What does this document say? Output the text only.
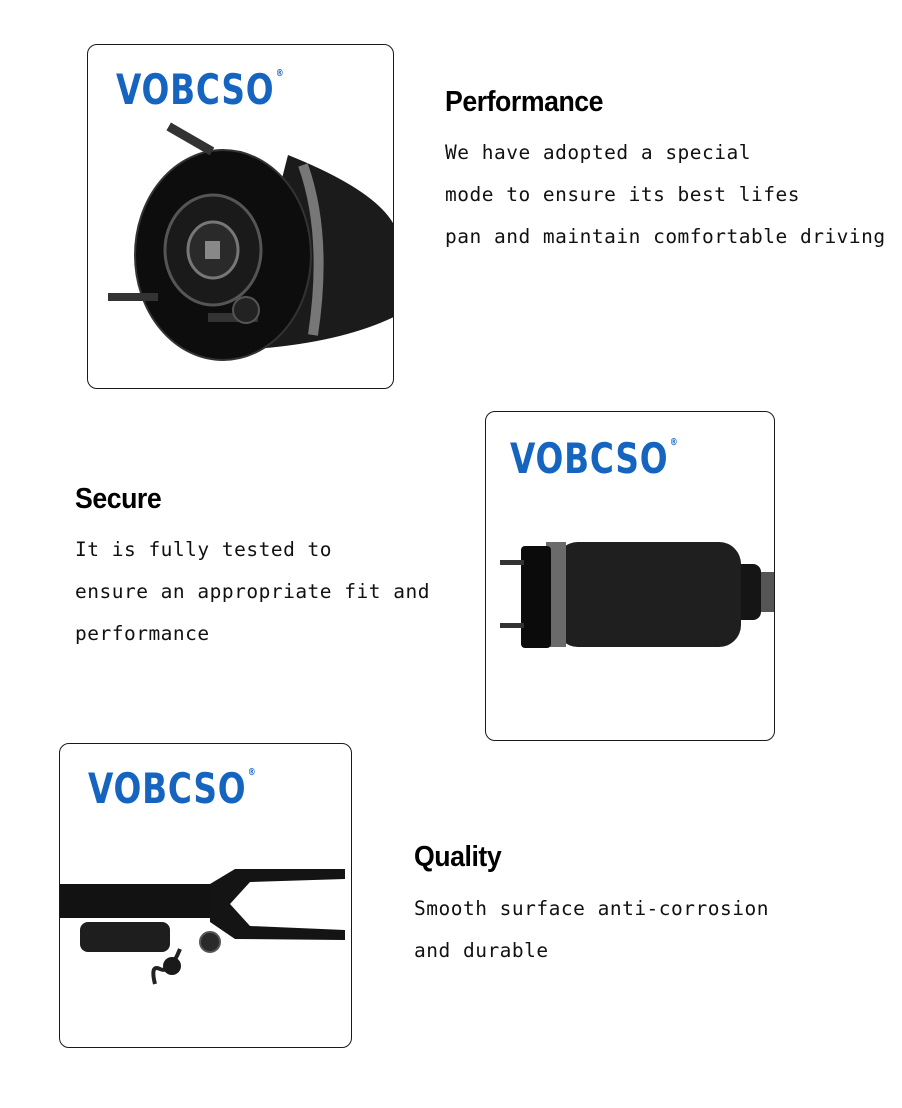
VOBCSO ®
Performance
We have adopted a special
mode to ensure its best lifes
pan and maintain comfortable driving
VOBCSO ®
Secure
It is fully tested to
ensure an appropriate fit and
performance
VOBCSO ®
Quality
Smooth surface anti-corrosion
and durable
